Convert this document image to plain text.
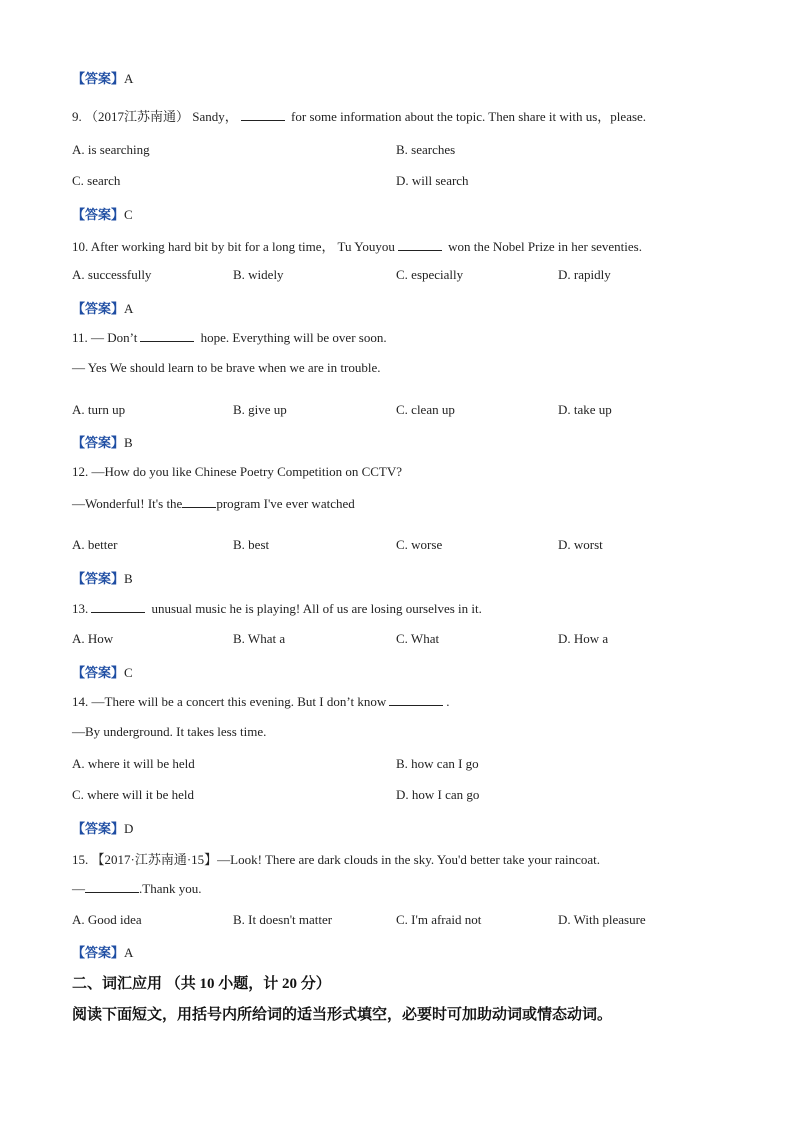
【答案】A
9. （2017江苏南通） Sandy，	for some information about the topic. Then share it with us，please.
A. is searching	B. searches
C. search	D. will search
【答案】C
10. After working hard bit by bit for a long time， Tu Youyou	won the Nobel Prize in her seventies.
A. successfully	B. widely	C. especially	D. rapidly
【答案】A
11. — Don’t	hope. Everything will be over soon.
— Yes We should learn to be brave when we are in trouble.
A. turn up	B. give up	C. clean up	D. take up
【答案】B
12. —How do you like Chinese Poetry Competition on CCTV?
—Wonderful! It's the	program I've ever watched
A. better	B. best	C. worse	D. worst
【答案】B
13.	unusual music he is playing! All of us are losing ourselves in it.
A. How	B. What a	C. What	D. How a
【答案】C
14. —There will be a concert this evening. But I don’t know	.
—By underground. It takes less time.
A. where it will be held	B. how can I go
C. where will it be held	D. how I can go
【答案】D
15. 【2017·江苏南通·15】—Look! There are dark clouds in the sky. You'd better take your raincoat.
—	.Thank you.
A. Good idea	B. It doesn't matter	C. I'm afraid not	D. With pleasure
【答案】A
二、词汇应用 （共 10 小题，计 20 分）
阅读下面短文，用括号内所给词的适当形式填空，必要时可加助动词或情态动词。
